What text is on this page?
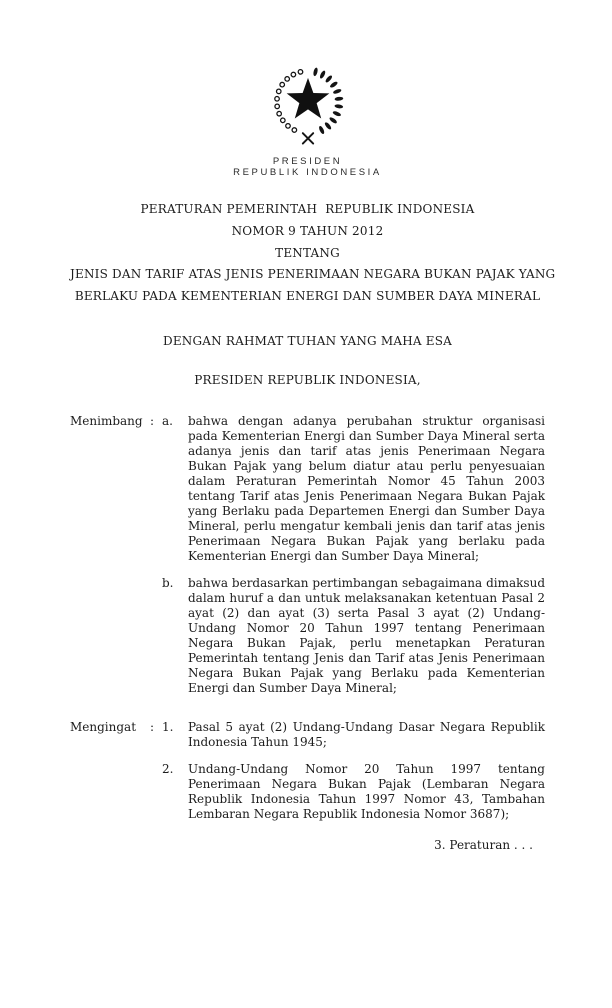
PRESIDEN
REPUBLIK INDONESIA
PERATURAN PEMERINTAH  REPUBLIK INDONESIA
NOMOR 9 TAHUN 2012
TENTANG
JENIS DAN TARIF ATAS JENIS PENERIMAAN NEGARA BUKAN PAJAK YANG
BERLAKU PADA KEMENTERIAN ENERGI DAN SUMBER DAYA MINERAL
DENGAN RAHMAT TUHAN YANG MAHA ESA
PRESIDEN REPUBLIK INDONESIA,
Menimbang : a.	bahwa dengan adanya perubahan struktur organisasi pada Kementerian Energi dan Sumber Daya Mineral serta adanya jenis dan tarif atas jenis Penerimaan Negara Bukan Pajak yang belum diatur atau perlu penyesuaian dalam Peraturan Pemerintah Nomor 45 Tahun 2003 tentang Tarif atas Jenis Penerimaan Negara Bukan Pajak yang Berlaku pada Departemen Energi dan Sumber Daya Mineral, perlu mengatur kembali jenis dan tarif atas jenis Penerimaan Negara Bukan Pajak yang berlaku pada Kementerian Energi dan Sumber Daya Mineral;
b.	bahwa berdasarkan pertimbangan sebagaimana dimaksud dalam huruf a dan untuk melaksanakan ketentuan Pasal 2 ayat (2) dan ayat (3) serta Pasal 3 ayat (2) Undang-Undang Nomor 20 Tahun 1997 tentang Penerimaan Negara Bukan Pajak, perlu menetapkan Peraturan Pemerintah tentang Jenis dan Tarif atas Jenis Penerimaan Negara Bukan Pajak yang Berlaku pada Kementerian Energi dan Sumber Daya Mineral;
Mengingat	: 1.	Pasal 5 ayat (2) Undang-Undang Dasar Negara Republik Indonesia Tahun 1945;
2.	Undang-Undang Nomor 20 Tahun 1997 tentang Penerimaan Negara Bukan Pajak (Lembaran Negara Republik Indonesia Tahun 1997 Nomor 43, Tambahan Lembaran Negara Republik Indonesia Nomor 3687);
3. Peraturan . . .
